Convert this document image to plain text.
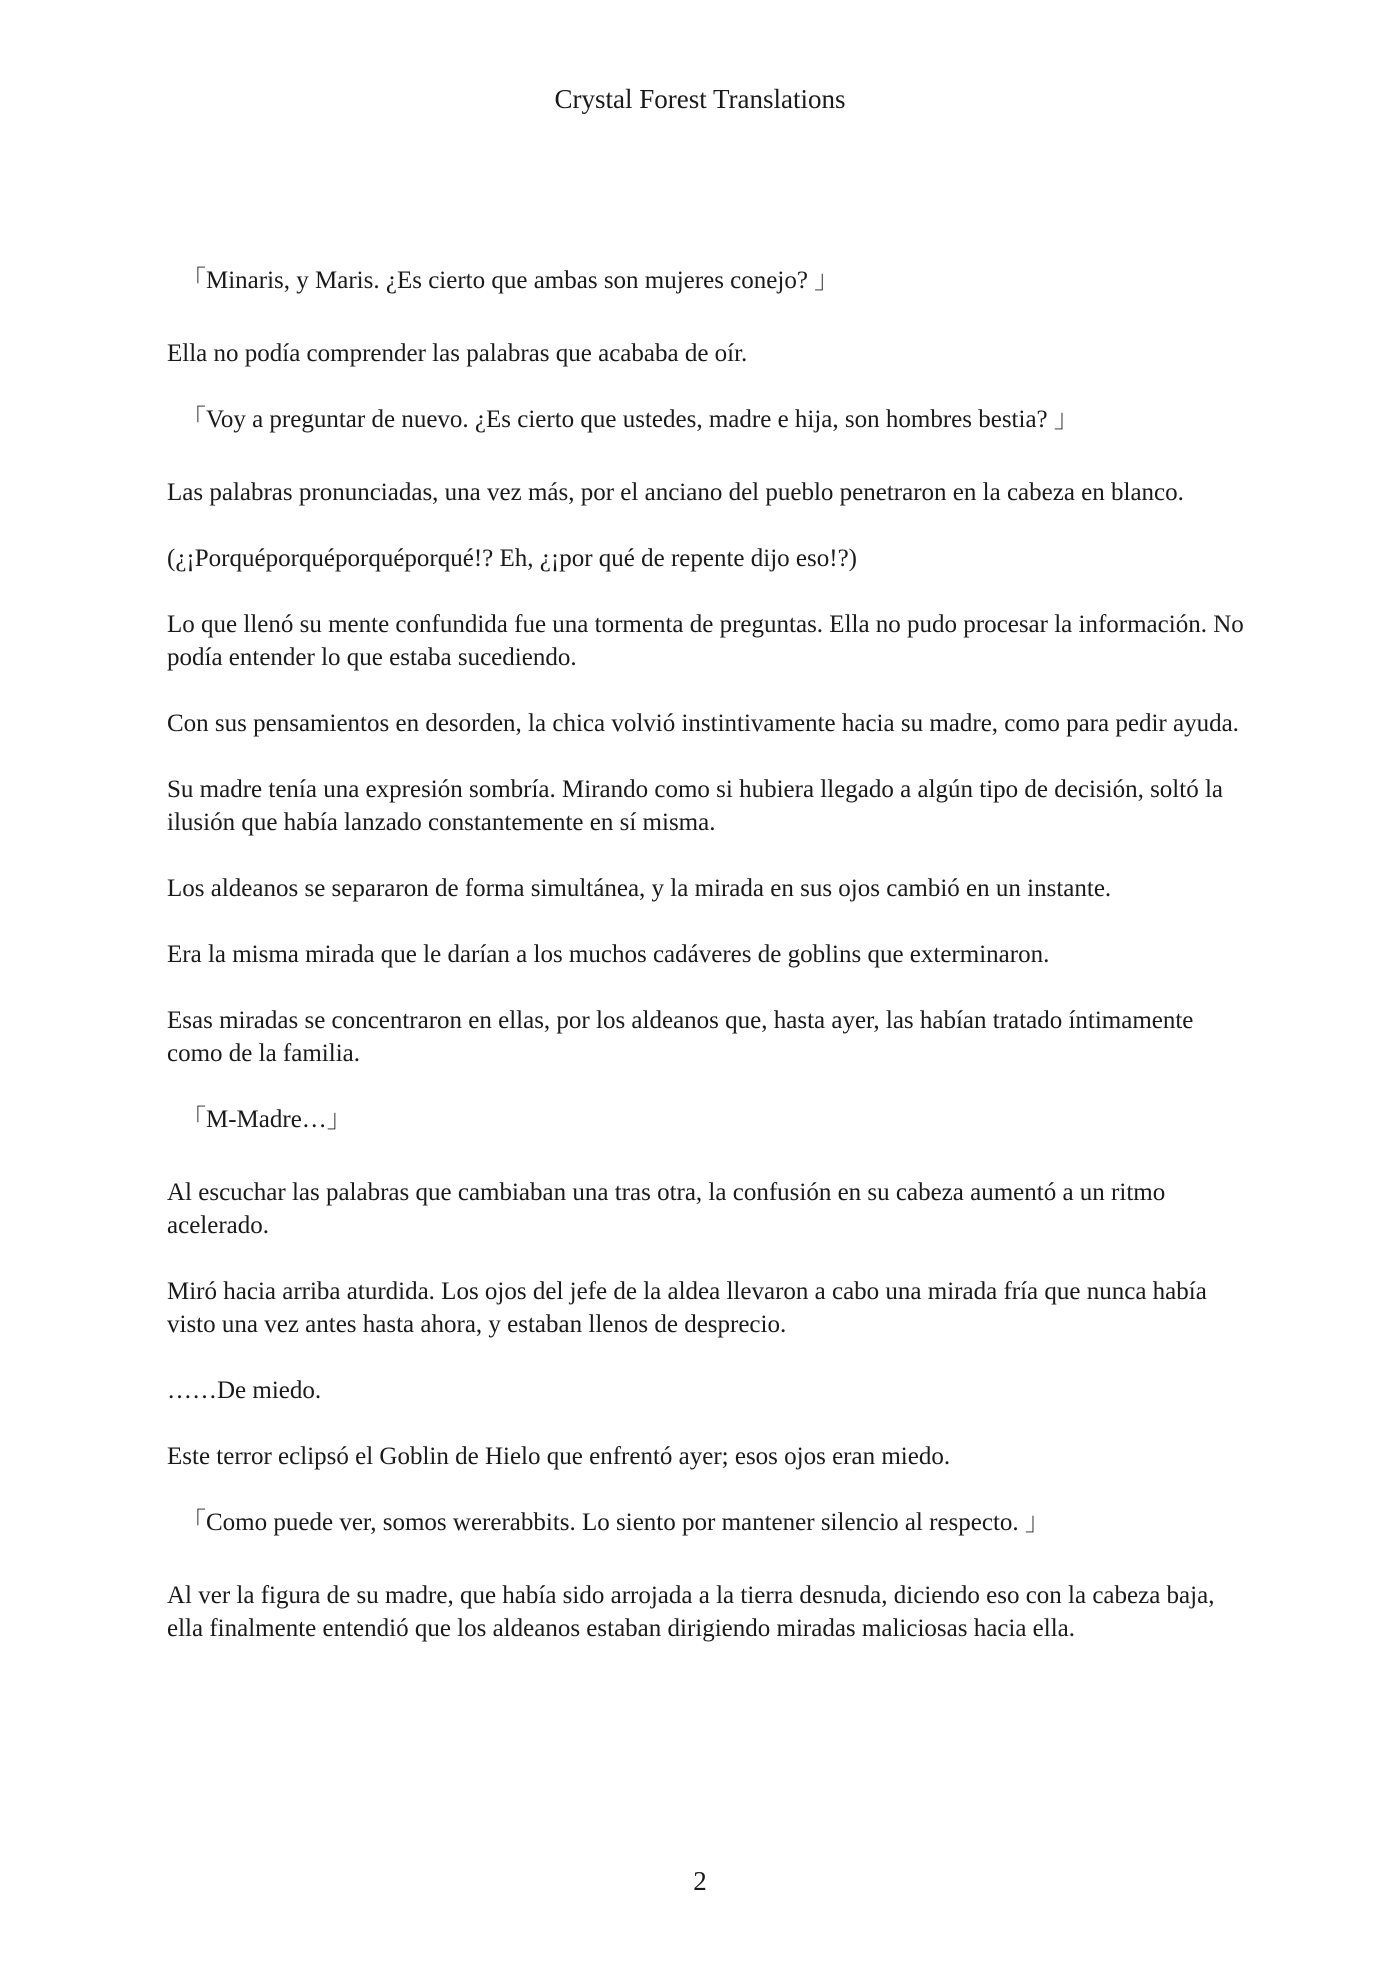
Crystal Forest Translations

「Minaris, y Maris. ¿Es cierto que ambas son mujeres conejo? 」

Ella no podía comprender las palabras que acababa de oír.

「Voy a preguntar de nuevo. ¿Es cierto que ustedes, madre e hija, son hombres bestia? 」

Las palabras pronunciadas, una vez más, por el anciano del pueblo penetraron en la cabeza en blanco.

(¿¡Porquéporquéporquéporqué!? Eh, ¿¡por qué de repente dijo eso!?)

Lo que llenó su mente confundida fue una tormenta de preguntas. Ella no pudo procesar la información. No podía entender lo que estaba sucediendo.

Con sus pensamientos en desorden, la chica volvió instintivamente hacia su madre, como para pedir ayuda.

Su madre tenía una expresión sombría. Mirando como si hubiera llegado a algún tipo de decisión, soltó la ilusión que había lanzado constantemente en sí misma.

Los aldeanos se separaron de forma simultánea, y la mirada en sus ojos cambió en un instante.

Era la misma mirada que le darían a los muchos cadáveres de goblins que exterminaron.

Esas miradas se concentraron en ellas, por los aldeanos que, hasta ayer, las habían tratado íntimamente como de la familia.

「M-Madre…」

Al escuchar las palabras que cambiaban una tras otra, la confusión en su cabeza aumentó a un ritmo acelerado.

Miró hacia arriba aturdida. Los ojos del jefe de la aldea llevaron a cabo una mirada fría que nunca había visto una vez antes hasta ahora, y estaban llenos de desprecio.

……De miedo.

Este terror eclipsó el Goblin de Hielo que enfrentó ayer; esos ojos eran miedo.

「Como puede ver, somos wererabbits. Lo siento por mantener silencio al respecto. 」

Al ver la figura de su madre, que había sido arrojada a la tierra desnuda, diciendo eso con la cabeza baja, ella finalmente entendió que los aldeanos estaban dirigiendo miradas maliciosas hacia ella.

2
